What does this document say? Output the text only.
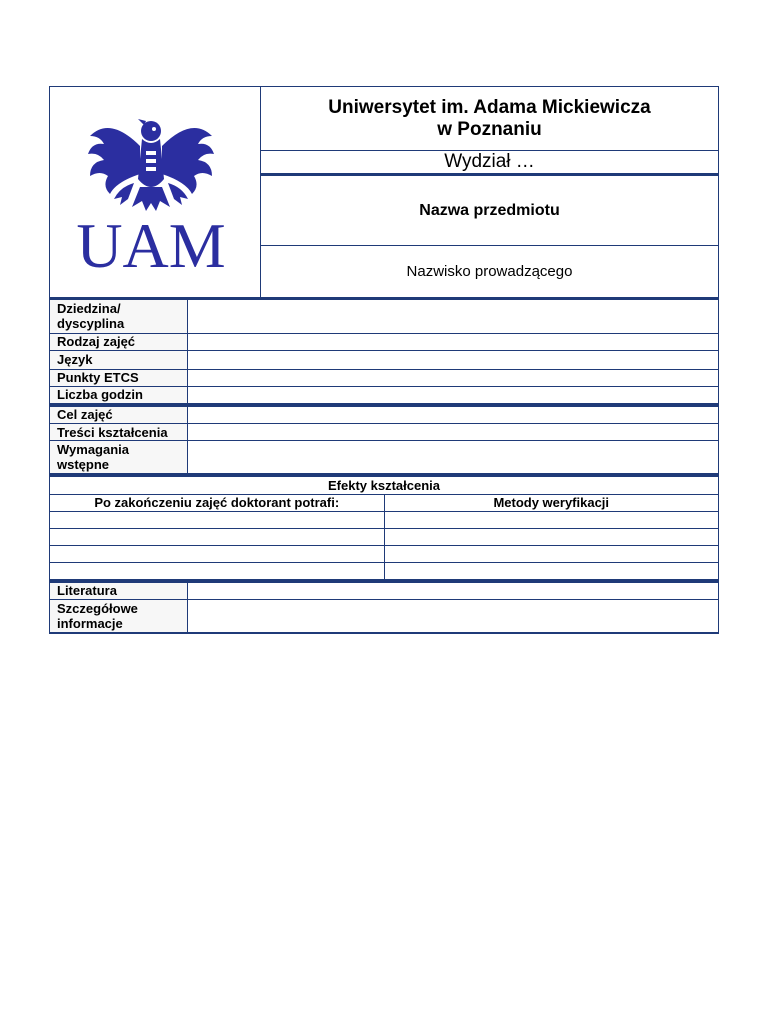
UAM
Uniwersytet im. Adama Mickiewicza
w Poznaniu
Wydział …
Nazwa przedmiotu
Nazwisko prowadzącego
Dziedzina/ dyscyplina	
Rodzaj zajęć	
Język	
Punkty ETCS	
Liczba godzin	
Cel zajęć	
Treści kształcenia	
Wymagania wstępne	
Efekty kształcenia	
Po zakończeniu zajęć doktorant potrafi:	Metody weryfikacji

Literatura	
Szczegółowe informacje	
